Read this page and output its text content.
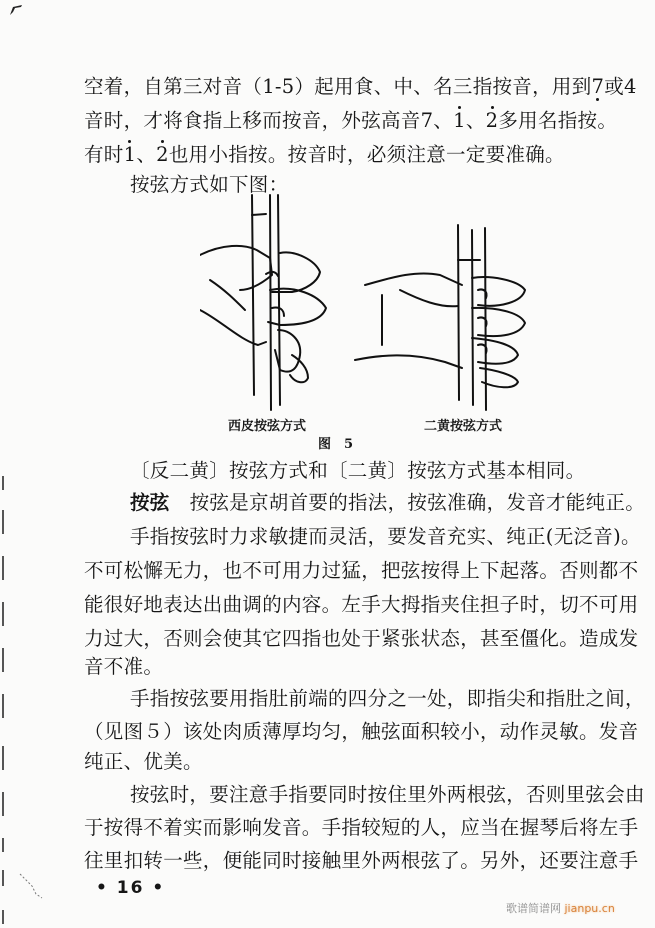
空着，自第三对音（1-5）起用食、中、名三指按音，用到7或4
音时，才将食指上移而按音，外弦高音7、1、2多用名指按。
有时1、2也用小指按。按音时，必须注意一定要准确。
按弦方式如下图：
西皮按弦方式	二黄按弦方式
图　5
〔反二黄〕按弦方式和〔二黄〕按弦方式基本相同。
按弦 按弦是京胡首要的指法，按弦准确，发音才能纯正。
手指按弦时力求敏捷而灵活，要发音充实、纯正(无泛音)。
不可松懈无力，也不可用力过猛，把弦按得上下起落。否则都不
能很好地表达出曲调的内容。左手大拇指夹住担子时，切不可用
力过大，否则会使其它四指也处于紧张状态，甚至僵化。造成发
音不准。
手指按弦要用指肚前端的四分之一处，即指尖和指肚之间，
（见图５）该处肉质薄厚均匀，触弦面积较小，动作灵敏。发音
纯正、优美。
按弦时，要注意手指要同时按住里外两根弦，否则里弦会由
于按得不着实而影响发音。手指较短的人，应当在握琴后将左手
往里扣转一些，便能同时接触里外两根弦了。另外，还要注意手
• 16 •
歌谱简谱网 jianpu.cn
